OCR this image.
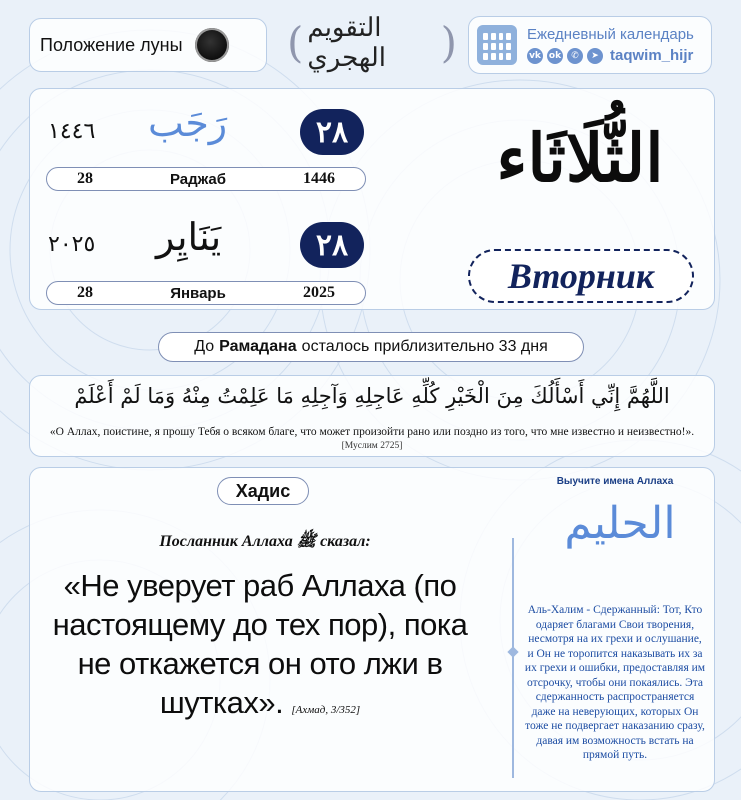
Положение луны ( التقويم الهجري	)	Ежедневный календарь
vk ok	✆	➤ taqwim_hijr
١٤٤٦ رَجَب	٢٨
28	Раджаб	1446
٢٠٢٥ يَنَايِر	٢٨
28	Январь	2025
الثُّلَاثَاء
Вторник
До Рамадана осталось приблизительно 33 дня
اللَّهُمَّ إِنِّي أَسْأَلُكَ مِنَ الْخَيْرِ كُلِّهِ عَاجِلِهِ وَآجِلِهِ مَا عَلِمْتُ مِنْهُ وَمَا لَمْ أَعْلَمْ
«О Аллах, поистине, я прошу Тебя о всяком благе, что может произойти рано или поздно из того, что мне известно и неизвестно!». [Муслим 2725]
Хадис
Посланник Аллаха ﷺ сказал:
«Не уверует раб Аллаха (по настоящему до тех пор), пока не откажется он ото лжи в шутках». [Ахмад, 3/352]
Выучите имена Аллаха
الحليم
Аль-Халим - Сдержанный: Тот, Кто одаряет благами Свои творения, несмотря на их грехи и ослушание, и Он не торопится наказывать их за их грехи и ошибки, предоставляя им отсрочку, чтобы они покаялись. Эта сдержанность распространяется даже на неверующих, которых Он тоже не подвергает наказанию сразу, давая им возможность встать на прямой путь.
